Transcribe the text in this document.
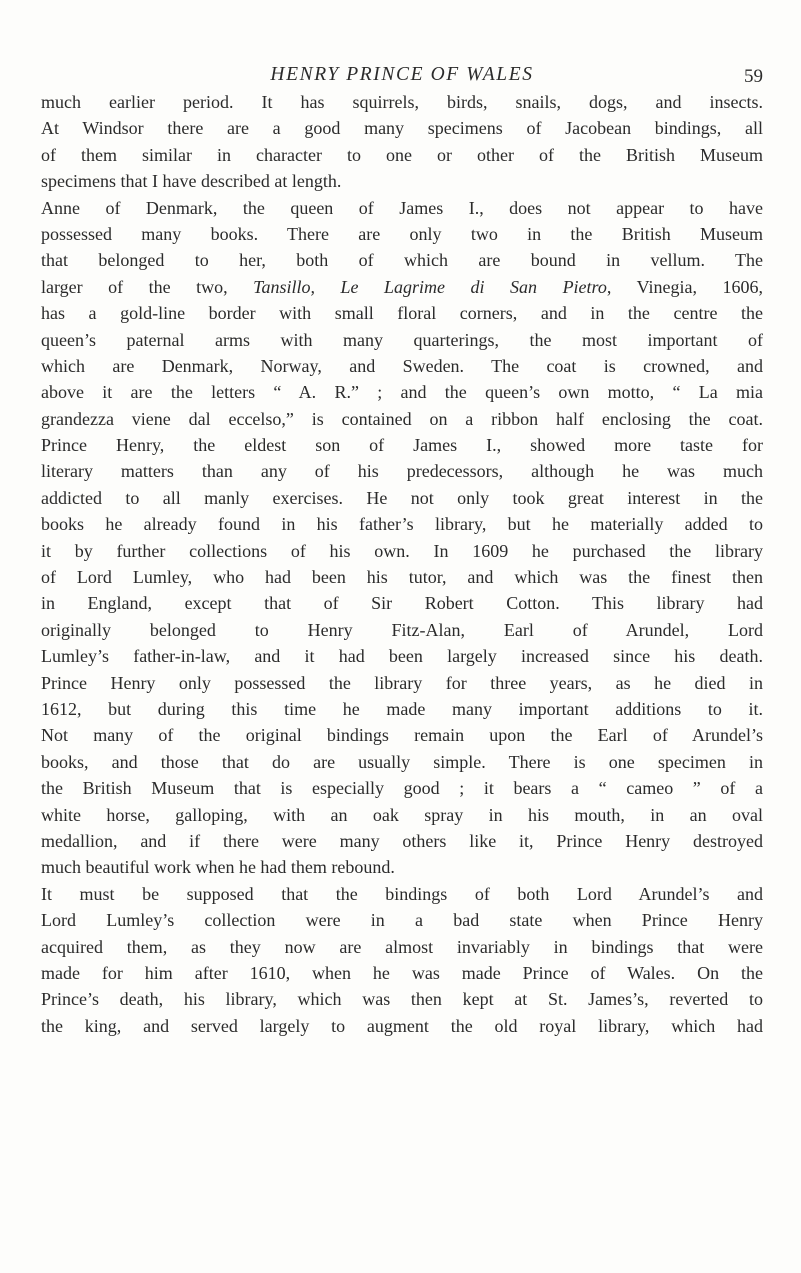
HENRY PRINCE OF WALES	59
much earlier period. It has squirrels, birds, snails, dogs, and insects.
At Windsor there are a good many specimens of Jacobean bindings, all
of them similar in character to one or other of the British Museum
specimens that I have described at length.
Anne of Denmark, the queen of James I., does not appear to have
possessed many books. There are only two in the British Museum
that belonged to her, both of which are bound in vellum. The
larger of the two, Tansillo, Le Lagrime di San Pietro, Vinegia, 1606,
has a gold-line border with small floral corners, and in the centre the
queen’s paternal arms with many quarterings, the most important of
which are Denmark, Norway, and Sweden. The coat is crowned, and
above it are the letters “ A. R.” ; and the queen’s own motto, “ La mia
grandezza viene dal eccelso,” is contained on a ribbon half enclosing the coat.
Prince Henry, the eldest son of James I., showed more taste for
literary matters than any of his predecessors, although he was much
addicted to all manly exercises. He not only took great interest in the
books he already found in his father’s library, but he materially added to
it by further collections of his own. In 1609 he purchased the library
of Lord Lumley, who had been his tutor, and which was the finest then
in England, except that of Sir Robert Cotton. This library had
originally belonged to Henry Fitz-Alan, Earl of Arundel, Lord
Lumley’s father-in-law, and it had been largely increased since his death.
Prince Henry only possessed the library for three years, as he died in
1612, but during this time he made many important additions to it.
Not many of the original bindings remain upon the Earl of Arundel’s
books, and those that do are usually simple. There is one specimen in
the British Museum that is especially good ; it bears a “ cameo ” of a
white horse, galloping, with an oak spray in his mouth, in an oval
medallion, and if there were many others like it, Prince Henry destroyed
much beautiful work when he had them rebound.
It must be supposed that the bindings of both Lord Arundel’s and
Lord Lumley’s collection were in a bad state when Prince Henry
acquired them, as they now are almost invariably in bindings that were
made for him after 1610, when he was made Prince of Wales. On the
Prince’s death, his library, which was then kept at St. James’s, reverted to
the king, and served largely to augment the old royal library, which had
